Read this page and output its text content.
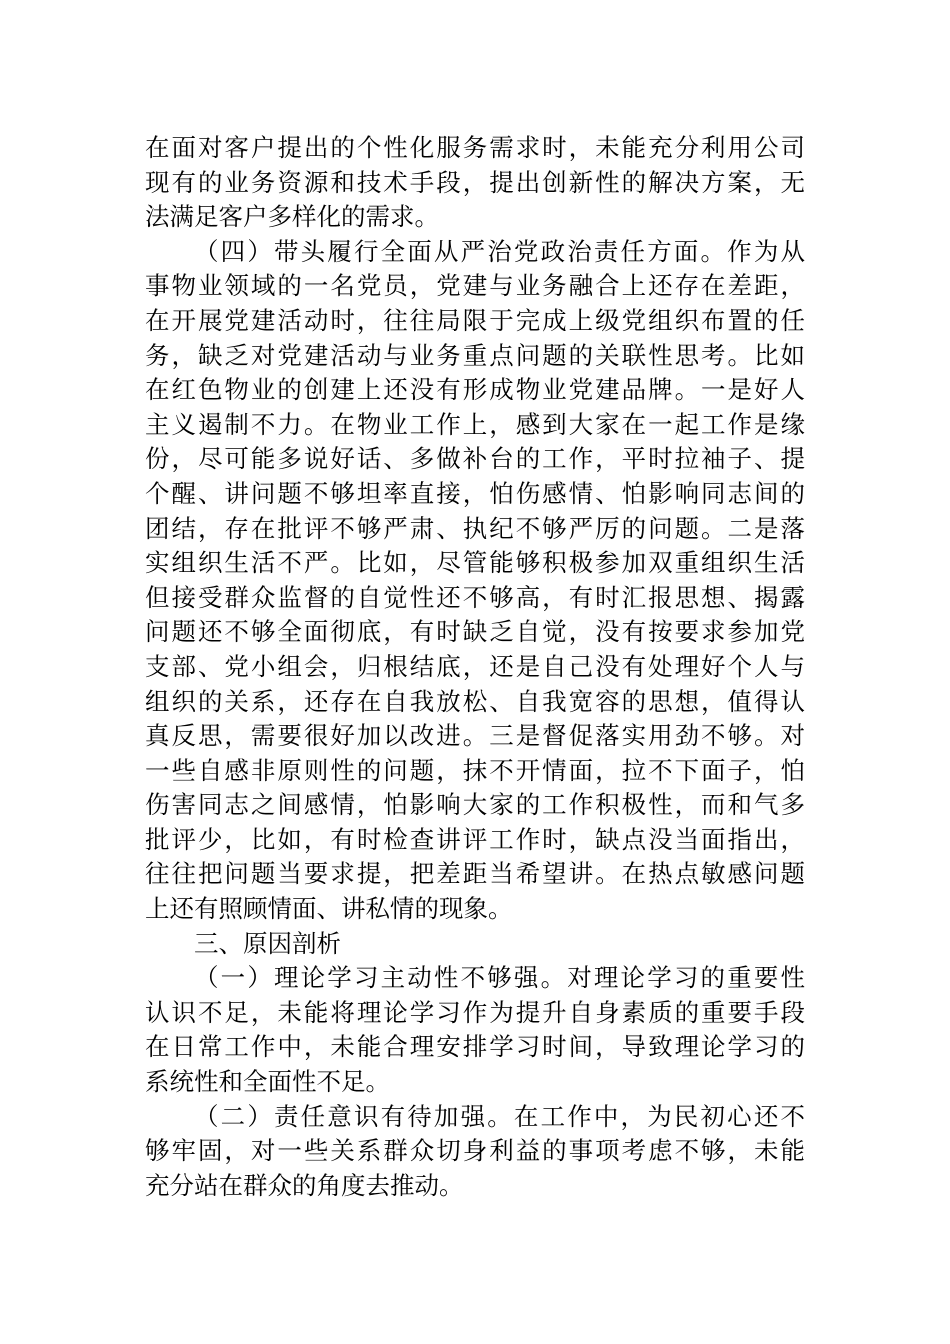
在面对客户提出的个性化服务需求时，未能充分利用公司
现有的业务资源和技术手段，提出创新性的解决方案，无
法满足客户多样化的需求。
（四）带头履行全面从严治党政治责任方面。作为从
事物业领域的一名党员，党建与业务融合上还存在差距，
在开展党建活动时，往往局限于完成上级党组织布置的任
务，缺乏对党建活动与业务重点问题的关联性思考。比如
在红色物业的创建上还没有形成物业党建品牌。一是好人
主义遏制不力。在物业工作上，感到大家在一起工作是缘
份，尽可能多说好话、多做补台的工作，平时拉袖子、提
个醒、讲问题不够坦率直接，怕伤感情、怕影响同志间的
团结，存在批评不够严肃、执纪不够严厉的问题。二是落
实组织生活不严。比如，尽管能够积极参加双重组织生活
但接受群众监督的自觉性还不够高，有时汇报思想、揭露
问题还不够全面彻底，有时缺乏自觉，没有按要求参加党
支部、党小组会，归根结底，还是自己没有处理好个人与
组织的关系，还存在自我放松、自我宽容的思想，值得认
真反思，需要很好加以改进。三是督促落实用劲不够。对
一些自感非原则性的问题，抹不开情面，拉不下面子，怕
伤害同志之间感情，怕影响大家的工作积极性，而和气多
批评少，比如，有时检查讲评工作时，缺点没当面指出，
往往把问题当要求提，把差距当希望讲。在热点敏感问题
上还有照顾情面、讲私情的现象。
三、原因剖析
（一）理论学习主动性不够强。对理论学习的重要性
认识不足，未能将理论学习作为提升自身素质的重要手段
在日常工作中，未能合理安排学习时间，导致理论学习的
系统性和全面性不足。
（二）责任意识有待加强。在工作中，为民初心还不
够牢固，对一些关系群众切身利益的事项考虑不够，未能
充分站在群众的角度去推动。
